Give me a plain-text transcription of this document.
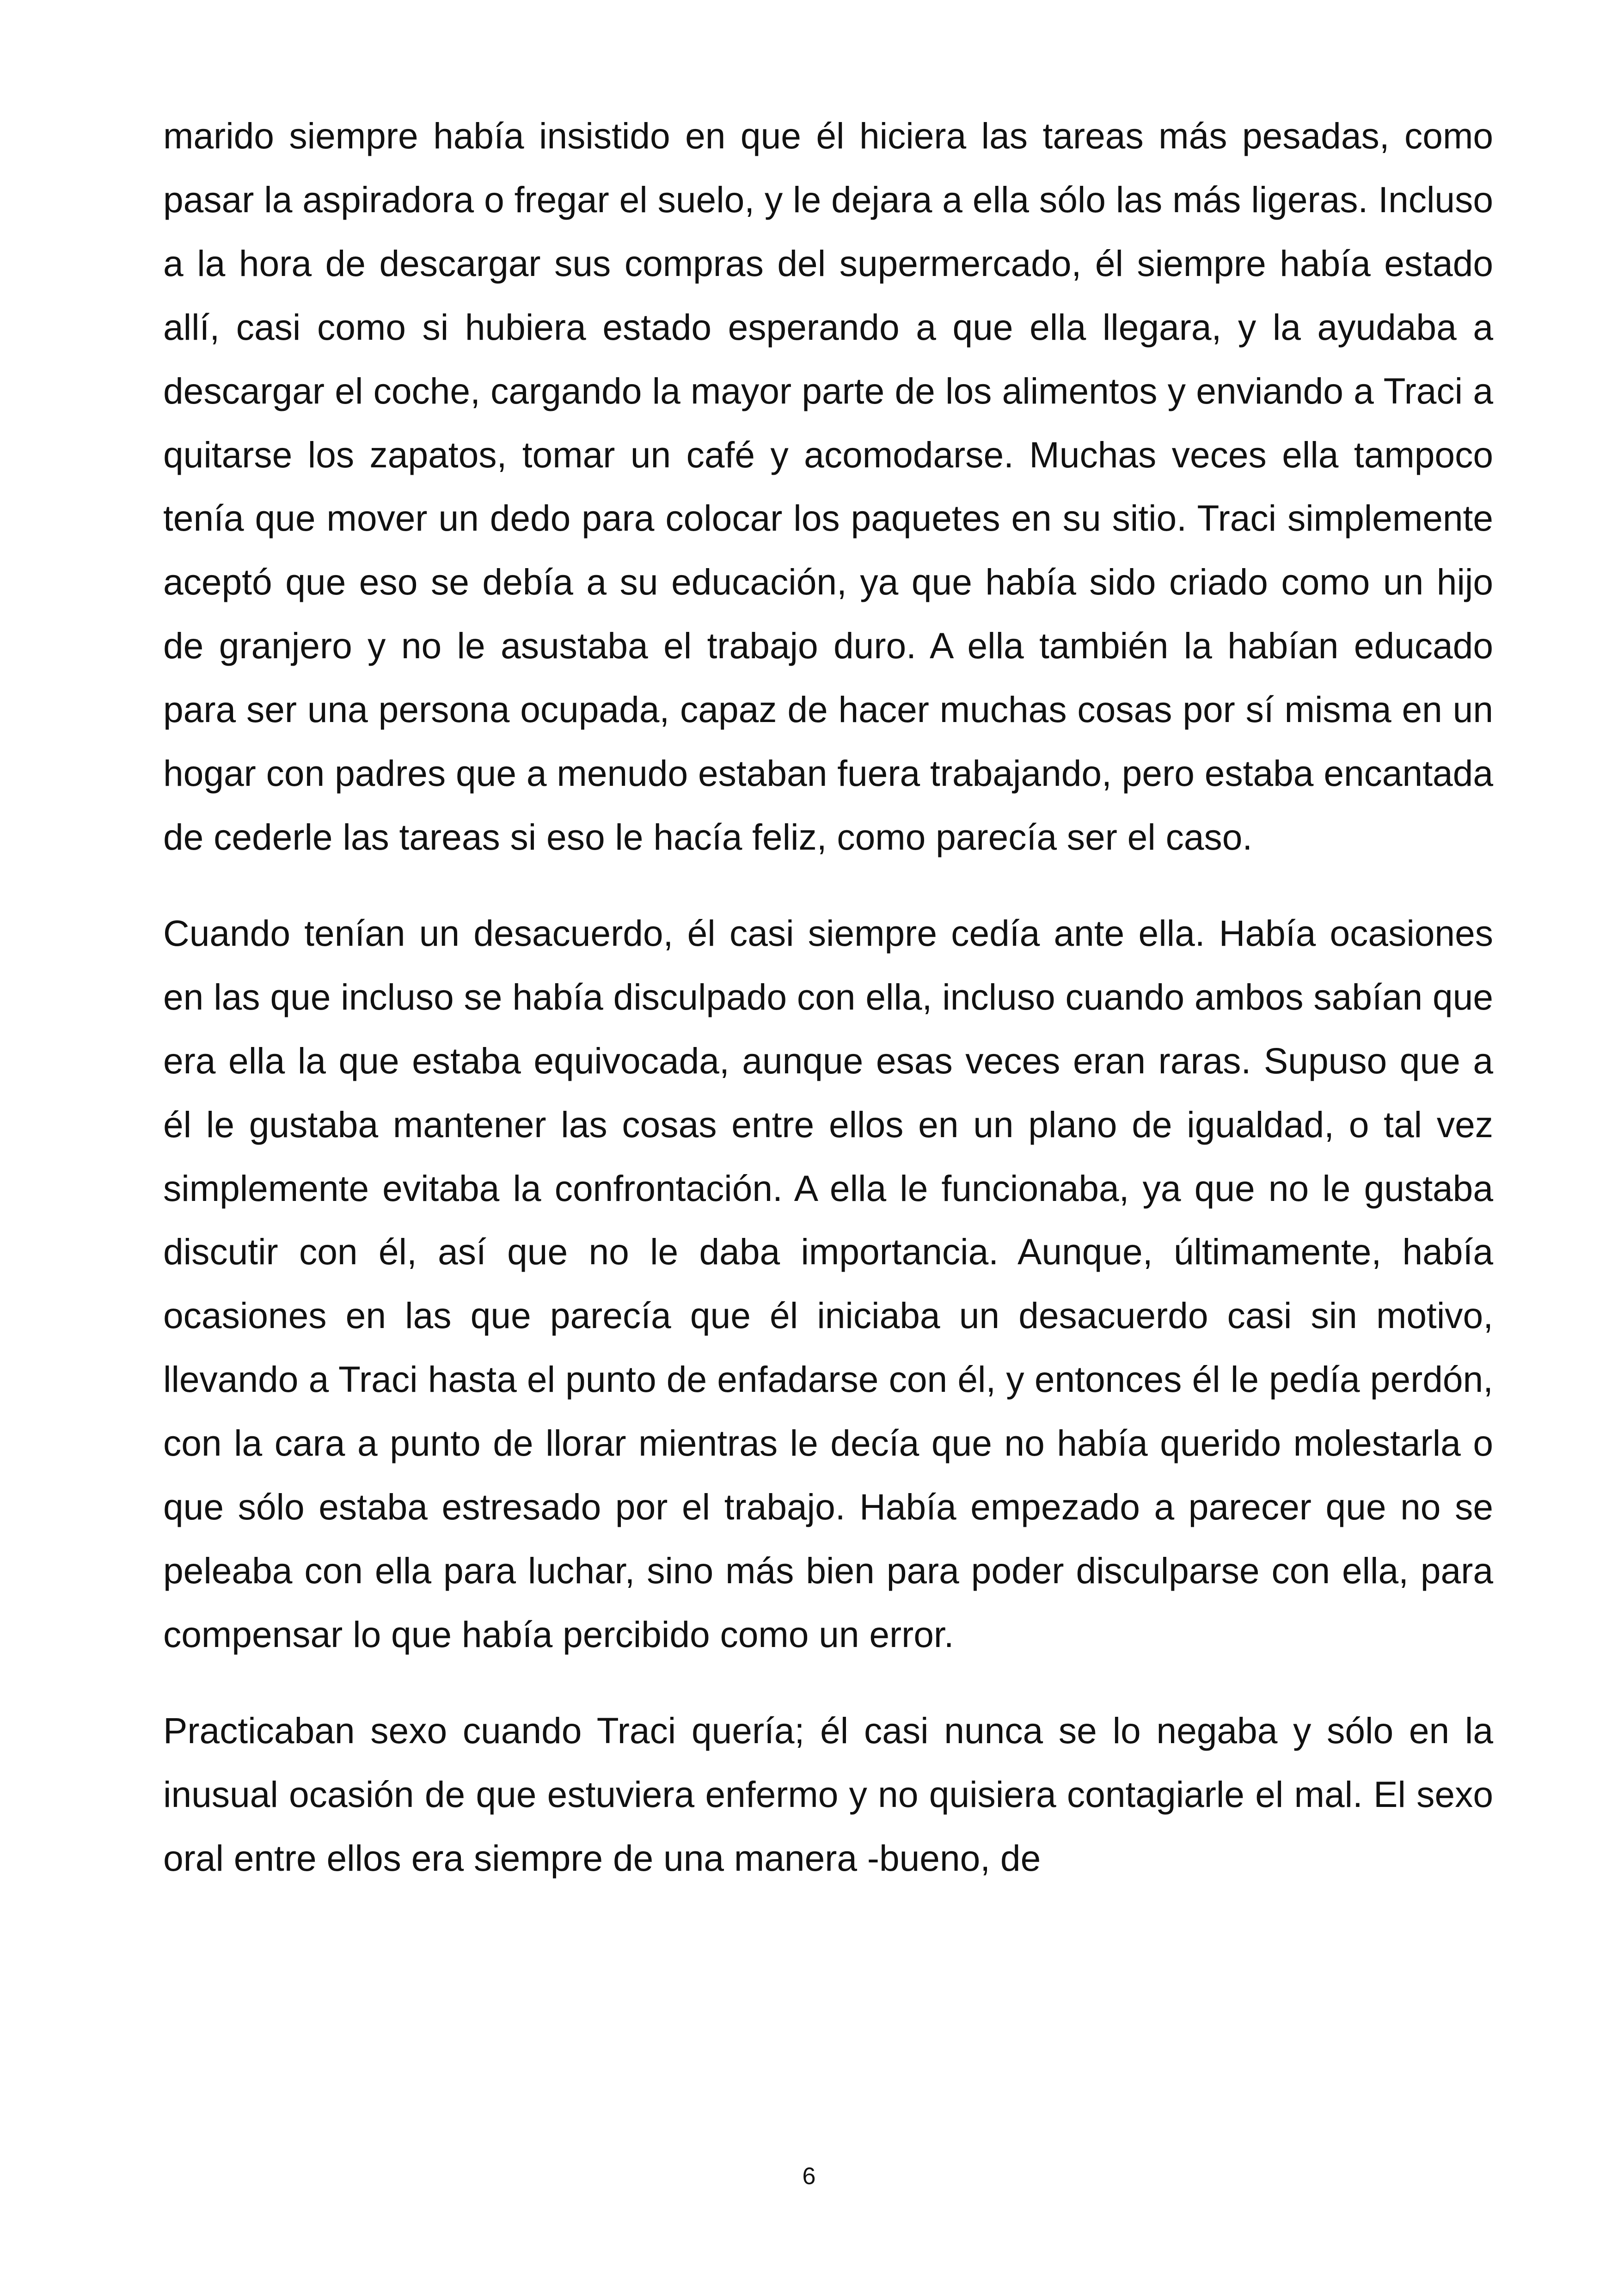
marido siempre había insistido en que él hiciera las tareas más pesadas, como pasar la aspiradora o fregar el suelo, y le dejara a ella sólo las más ligeras. Incluso a la hora de descargar sus compras del supermercado, él siempre había estado allí, casi como si hubiera estado esperando a que ella llegara, y la ayudaba a descargar el coche, cargando la mayor parte de los alimentos y enviando a Traci a quitarse los zapatos, tomar un café y acomodarse. Muchas veces ella tampoco tenía que mover un dedo para colocar los paquetes en su sitio. Traci simplemente aceptó que eso se debía a su educación, ya que había sido criado como un hijo de granjero y no le asustaba el trabajo duro. A ella también la habían educado para ser una persona ocupada, capaz de hacer muchas cosas por sí misma en un hogar con padres que a menudo estaban fuera trabajando, pero estaba encantada de cederle las tareas si eso le hacía feliz, como parecía ser el caso.

Cuando tenían un desacuerdo, él casi siempre cedía ante ella. Había ocasiones en las que incluso se había disculpado con ella, incluso cuando ambos sabían que era ella la que estaba equivocada, aunque esas veces eran raras. Supuso que a él le gustaba mantener las cosas entre ellos en un plano de igualdad, o tal vez simplemente evitaba la confrontación. A ella le funcionaba, ya que no le gustaba discutir con él, así que no le daba importancia. Aunque, últimamente, había ocasiones en las que parecía que él iniciaba un desacuerdo casi sin motivo, llevando a Traci hasta el punto de enfadarse con él, y entonces él le pedía perdón, con la cara a punto de llorar mientras le decía que no había querido molestarla o que sólo estaba estresado por el trabajo. Había empezado a parecer que no se peleaba con ella para luchar, sino más bien para poder disculparse con ella, para compensar lo que había percibido como un error.

Practicaban sexo cuando Traci quería; él casi nunca se lo negaba y sólo en la inusual ocasión de que estuviera enfermo y no quisiera contagiarle el mal. El sexo oral entre ellos era siempre de una manera -bueno, de

6
